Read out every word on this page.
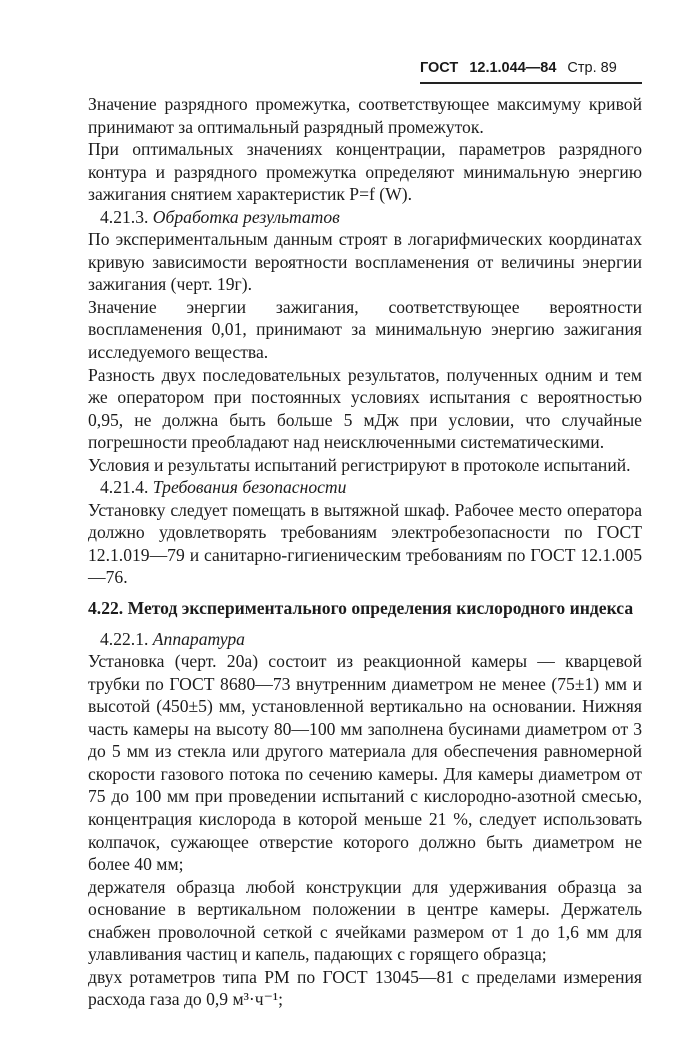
ГОСТ 12.1.044—84 Стр. 89

Значение разрядного промежутка, соответствующее максимуму кривой принимают за оптимальный разрядный промежуток.

При оптимальных значениях концентрации, параметров разрядного контура и разрядного промежутка определяют минимальную энергию зажигания снятием характеристик P=f (W).

4.21.3. Обработка результатов

По экспериментальным данным строят в логарифмических координатах кривую зависимости вероятности воспламенения от величины энергии зажигания (черт. 19г).

Значение энергии зажигания, соответствующее вероятности воспламенения 0,01, принимают за минимальную энергию зажигания исследуемого вещества.

Разность двух последовательных результатов, полученных одним и тем же оператором при постоянных условиях испытания с вероятностью 0,95, не должна быть больше 5 мДж при условии, что случайные погрешности преобладают над неисключенными систематическими.

Условия и результаты испытаний регистрируют в протоколе испытаний.

4.21.4. Требования безопасности

Установку следует помещать в вытяжной шкаф. Рабочее место оператора должно удовлетворять требованиям электробезопасности по ГОСТ 12.1.019—79 и санитарно-гигиеническим требованиям по ГОСТ 12.1.005—76.

4.22. Метод экспериментального определения кислородного индекса

4.22.1. Аппаратура

Установка (черт. 20а) состоит из реакционной камеры — кварцевой трубки по ГОСТ 8680—73 внутренним диаметром не менее (75±1) мм и высотой (450±5) мм, установленной вертикально на основании. Нижняя часть камеры на высоту 80—100 мм заполнена бусинами диаметром от 3 до 5 мм из стекла или другого материала для обеспечения равномерной скорости газового потока по сечению камеры. Для камеры диаметром от 75 до 100 мм при проведении испытаний с кислородно-азотной смесью, концентрация кислорода в которой меньше 21 %, следует использовать колпачок, сужающее отверстие которого должно быть диаметром не более 40 мм;

держателя образца любой конструкции для удерживания образца за основание в вертикальном положении в центре камеры. Держатель снабжен проволочной сеткой с ячейками размером от 1 до 1,6 мм для улавливания частиц и капель, падающих с горящего образца;

двух ротаметров типа РМ по ГОСТ 13045—81 с пределами измерения расхода газа до 0,9 м³·ч⁻¹;
